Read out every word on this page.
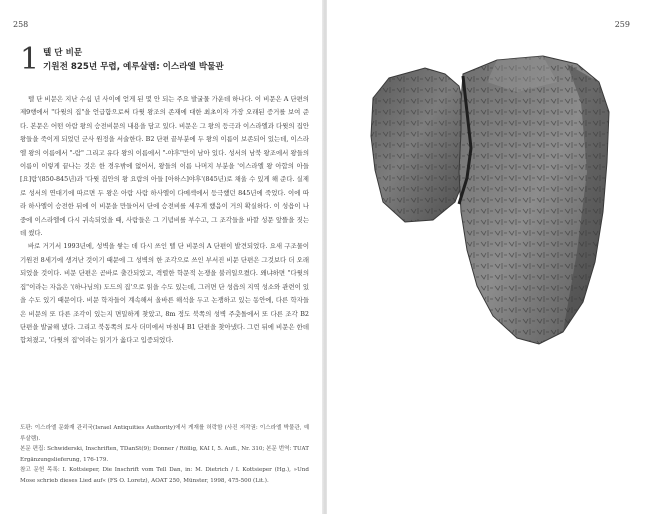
258
1 텔 단 비문
기원전 825년 무렵, 예루살렘: 이스라엘 박물관

텔 단 비문은 지난 수십 년 사이에 얻게 된 몇 안 되는 주요 발굴물 가운데 하나다. 이 비문은 A 단편의 제9행에서 "다윗의 집"을 언급함으로써 다윗 왕조의 존재에 대한 최초이자 가장 오래된 증거를 보여 준다. 본문은 어떤 아람 왕의 승전비문의 내용을 담고 있다. 비문은 그 왕의 등극과 이스라엘과 다윗의 집안 왕들을 죽이게 되었던 군사 원정을 서술한다. B2 단편 끝부분에 두 왕의 이름이 보존되어 있는데, 이스라엘 왕의 이름에서 "-람" 그리고 유다 왕의 이름에서 "-야후"만이 남아 있다. 성서의 남북 왕조에서 왕들의 이름이 이렇게 끝나는 것은 한 경우밖에 없어서, 왕들의 이름 나머지 부분을 '이스라엘 왕 아합의 아들 [요]람'(850-845년)과 '다윗 집안의 왕 요람의 아들 [아하스]야후'(845년)로 채울 수 있게 해 준다. 실제로 성서의 연대기에 따르면 두 왕은 아람 사람 하사엘이 다메섹에서 등극했던 845년에 죽었다. 이에 따라 하사엘이 승전한 뒤에 이 비문을 만들어서 단에 승전비를 세우게 했음이 거의 확실하다. 이 성읍이 나중에 이스라엘에 다시 귀속되었을 때, 사람들은 그 기념비를 부수고, 그 조각들을 바깥 성문 앞뜰을 짓는 데 썼다.

바로 거기서 1993년에, 성벽을 쌓는 데 다시 쓰인 텔 단 비문의 A 단편이 발견되었다. 요새 구조물이 기원전 8세기에 생겨난 것이기 때문에 그 성벽의 한 조각으로 쓰인 부서진 비문 단편은 그것보다 더 오래되었을 것이다. 비문 단편은 곧바로 출간되었고, 격렬한 학문적 논쟁을 불러일으켰다. 왜냐하면 "다윗의 집"이라는 자음은 '(하나님의) 도드의 집'으로 읽을 수도 있는데, 그러면 단 성읍의 지역 성소와 관련이 있을 수도 있기 때문이다. 비문 학자들이 계속해서 올바른 해석을 두고 논쟁하고 있는 동안에, 다른 학자들은 비문의 또 다른 조각이 있는지 면밀하게 찾았고, 8m 정도 북쪽의 성벽 주춧돌에서 또 다른 조각 B2 단편을 발굴해 냈다. 그리고 북동쪽의 토사 더미에서 마침내 B1 단편을 찾아냈다. 그런 뒤에 비문은 한데 합쳐졌고, '다윗의 집'이라는 읽기가 옳다고 입증되었다.

도판: 이스라엘 문화재 관리국(Israel Antiquities Authority)에서 게재를 허락함 (사진 저작권: 이스라엘 박물관, 예루살렘).

본문 편집: Schwiderski, Inschriften, TDanSt(9); Donner / Röllig, KAI I, 5. Aufl., Nr. 310; 본문 번역: TUAT Ergänzungslieferung, 176-179.

참고 문헌 목록: I. Kottsieper, Die Inschrift vom Tell Dan, in: M. Dietrich / I. Kottsieper (Hg.), »Und Mose schrieb dieses Lied auf« (FS O. Loretz), AOAT 250, Münster, 1998, 475-500 (Lit.).

259
